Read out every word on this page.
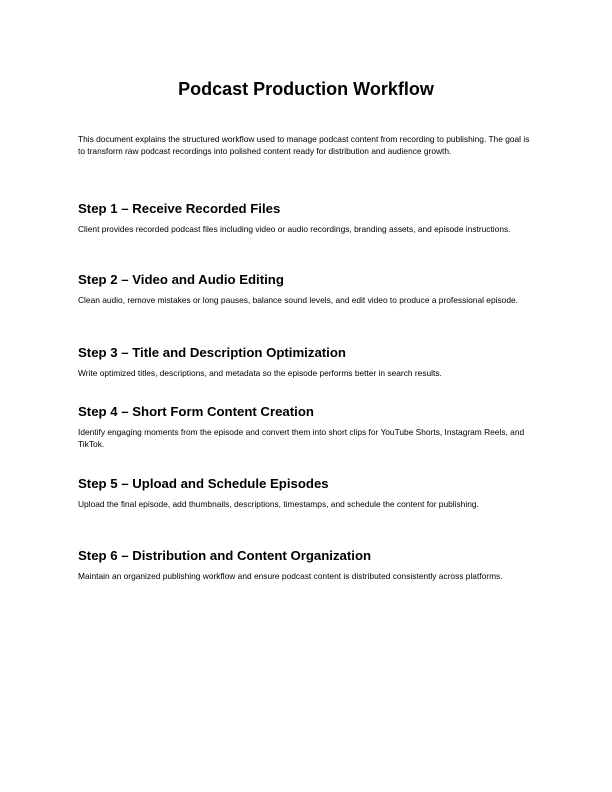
Podcast Production Workflow

This document explains the structured workflow used to manage podcast content from recording to publishing. The goal is to transform raw podcast recordings into polished content ready for distribution and audience growth.

Step 1 – Receive Recorded Files

Client provides recorded podcast files including video or audio recordings, branding assets, and episode instructions.

Step 2 – Video and Audio Editing

Clean audio, remove mistakes or long pauses, balance sound levels, and edit video to produce a professional episode.

Step 3 – Title and Description Optimization

Write optimized titles, descriptions, and metadata so the episode performs better in search results.

Step 4 – Short Form Content Creation

Identify engaging moments from the episode and convert them into short clips for YouTube Shorts, Instagram Reels, and TikTok.

Step 5 – Upload and Schedule Episodes

Upload the final episode, add thumbnails, descriptions, timestamps, and schedule the content for publishing.

Step 6 – Distribution and Content Organization

Maintain an organized publishing workflow and ensure podcast content is distributed consistently across platforms.
